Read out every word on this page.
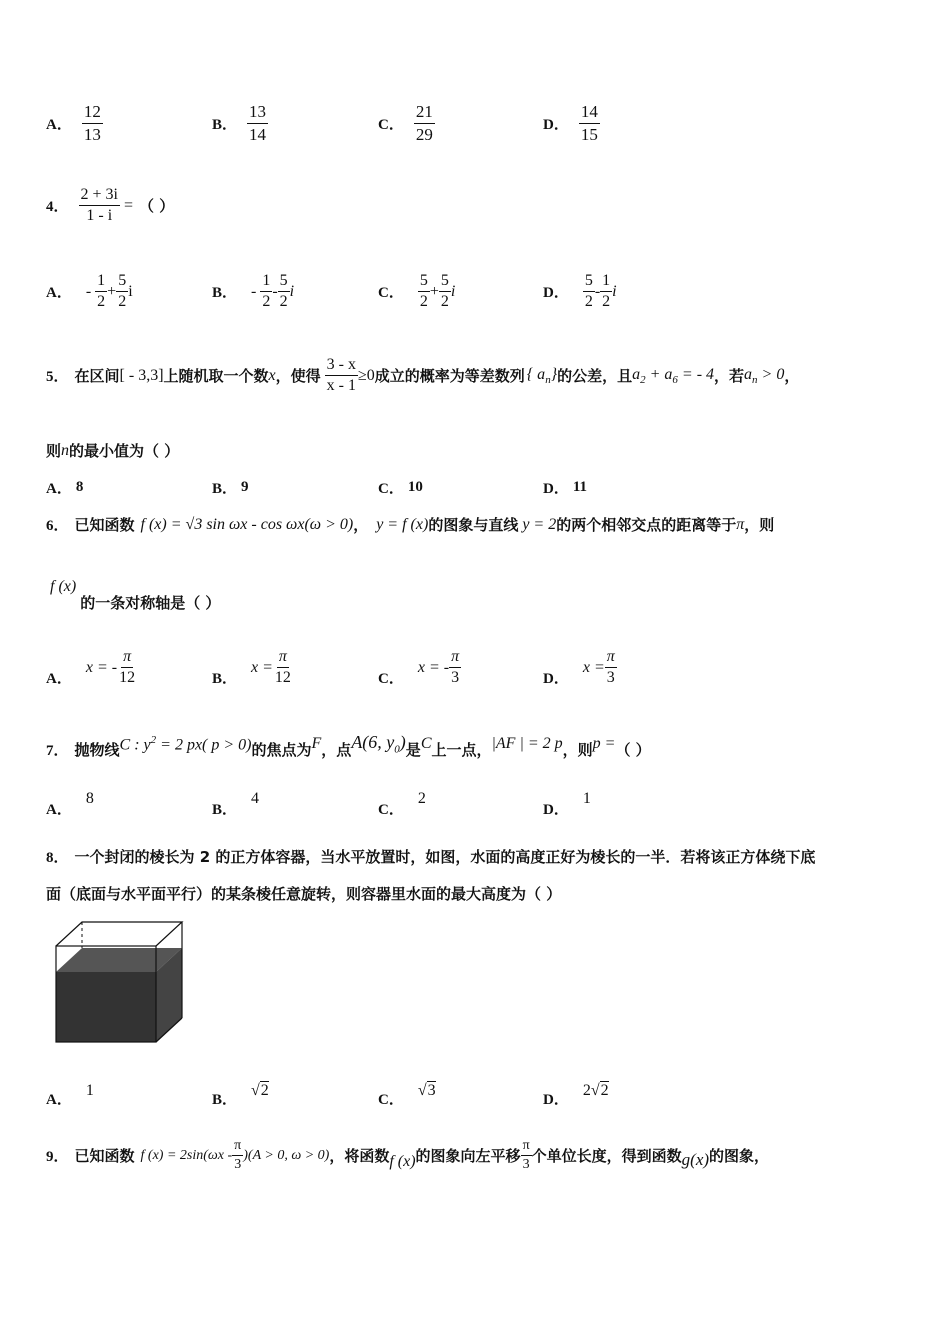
A． $\frac{12}{13}$	B． $\frac{13}{14}$	C． $\frac{21}{29}$	D． $\frac{14}{15}$
4． $\frac{2 + 3i}{1 - i}$ = （ ）
A． - $\frac{1}{2} + \frac{5}{2}$ i	B． - $\frac{1}{2} - \frac{5}{2}$ i	C． $\frac{5}{2} + \frac{5}{2}$ i	D． $\frac{5}{2} - \frac{1}{2}$ i
5． 在区间 [ - 3,3] 上随机取一个数 x ，使得 $\frac{3 - x}{x - 1} \ge 0$ 成立的概率为等差数列 { $a_n$} 的公差，且 $a_2 + a_6$ = - 4 ，若 $a_n > 0$ ，
则 n 的最小值为（ ）
A． 8	B． 9	C． 10	D． 11
6． 已知函数 f (x) = √3 sin ωx - cos ωx(ω > 0) ， y = f (x) 的图象与直线 y = 2 的两个相邻交点的距离等于 π ，则
f (x)
的一条对称轴是（ ）
A．
x = - $\frac{\pi}{12}$	B．
$x = \frac{\pi}{12}$	C．
x = - $\frac{\pi}{3}$	D．
$x = \frac{\pi}{3}$
7． 抛物线 C : $y^2 = 2$ px( p > 0) 的焦点为 F ，点 A(6, $y_0$) 是 C 上一点， |AF | = 2 p ，则 p = （ ）
A．
8
B．
4
C．
2
D．
1
8． 一个封闭的棱长为 2 的正方体容器，当水平放置时，如图，水面的高度正好为棱长的一半．若将该正方体绕下底
面（底面与水平面平行）的某条棱任意旋转，则容器里水面的最大高度为（ ）
A．
1
B．
√2
C．
√3
D．
2√2
9． 已知函数 f $(x) = 2\sin(\omega x - \frac{\pi}{3} )(A > 0$, ω > 0) ，将函数 f (x) 的图象向左平移 $\frac{\pi}{3}$ 个单位长度，得到函数 g(x) 的图象，
